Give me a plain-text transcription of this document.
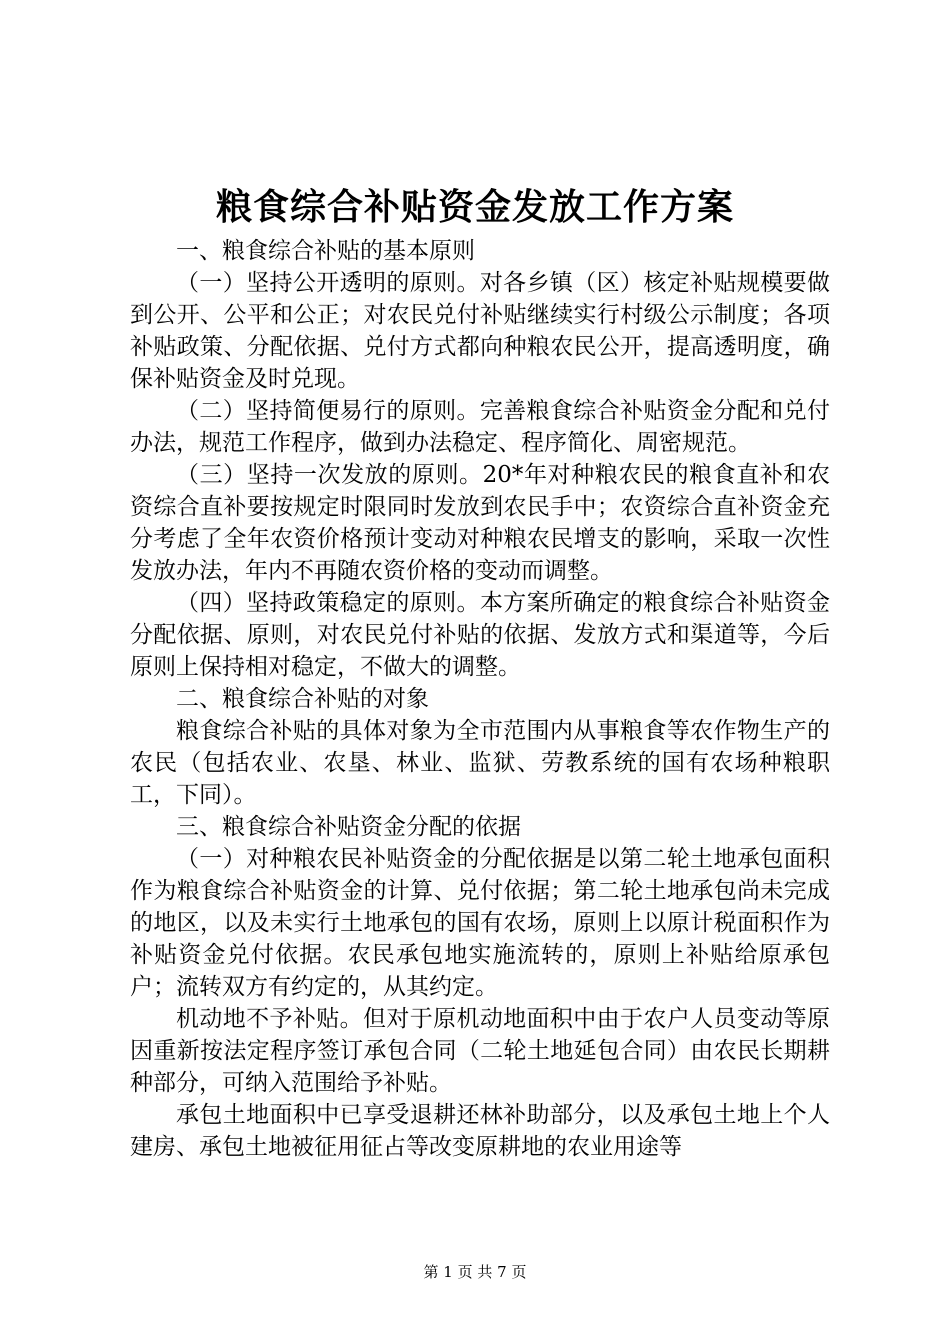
粮食综合补贴资金发放工作方案

一、粮食综合补贴的基本原则

（一）坚持公开透明的原则。对各乡镇（区）核定补贴规模要做到公开、公平和公正；对农民兑付补贴继续实行村级公示制度；各项补贴政策、分配依据、兑付方式都向种粮农民公开，提高透明度，确保补贴资金及时兑现。

（二）坚持简便易行的原则。完善粮食综合补贴资金分配和兑付办法，规范工作程序，做到办法稳定、程序简化、周密规范。

（三）坚持一次发放的原则。20*年对种粮农民的粮食直补和农资综合直补要按规定时限同时发放到农民手中；农资综合直补资金充分考虑了全年农资价格预计变动对种粮农民增支的影响，采取一次性发放办法，年内不再随农资价格的变动而调整。

（四）坚持政策稳定的原则。本方案所确定的粮食综合补贴资金分配依据、原则，对农民兑付补贴的依据、发放方式和渠道等，今后原则上保持相对稳定，不做大的调整。

二、粮食综合补贴的对象

粮食综合补贴的具体对象为全市范围内从事粮食等农作物生产的农民（包括农业、农垦、林业、监狱、劳教系统的国有农场种粮职工，下同）。

三、粮食综合补贴资金分配的依据

（一）对种粮农民补贴资金的分配依据是以第二轮土地承包面积作为粮食综合补贴资金的计算、兑付依据；第二轮土地承包尚未完成的地区，以及未实行土地承包的国有农场，原则上以原计税面积作为补贴资金兑付依据。农民承包地实施流转的，原则上补贴给原承包户；流转双方有约定的，从其约定。

机动地不予补贴。但对于原机动地面积中由于农户人员变动等原因重新按法定程序签订承包合同（二轮土地延包合同）由农民长期耕种部分，可纳入范围给予补贴。

承包土地面积中已享受退耕还林补助部分，以及承包土地上个人建房、承包土地被征用征占等改变原耕地的农业用途等

第 1 页 共 7 页
